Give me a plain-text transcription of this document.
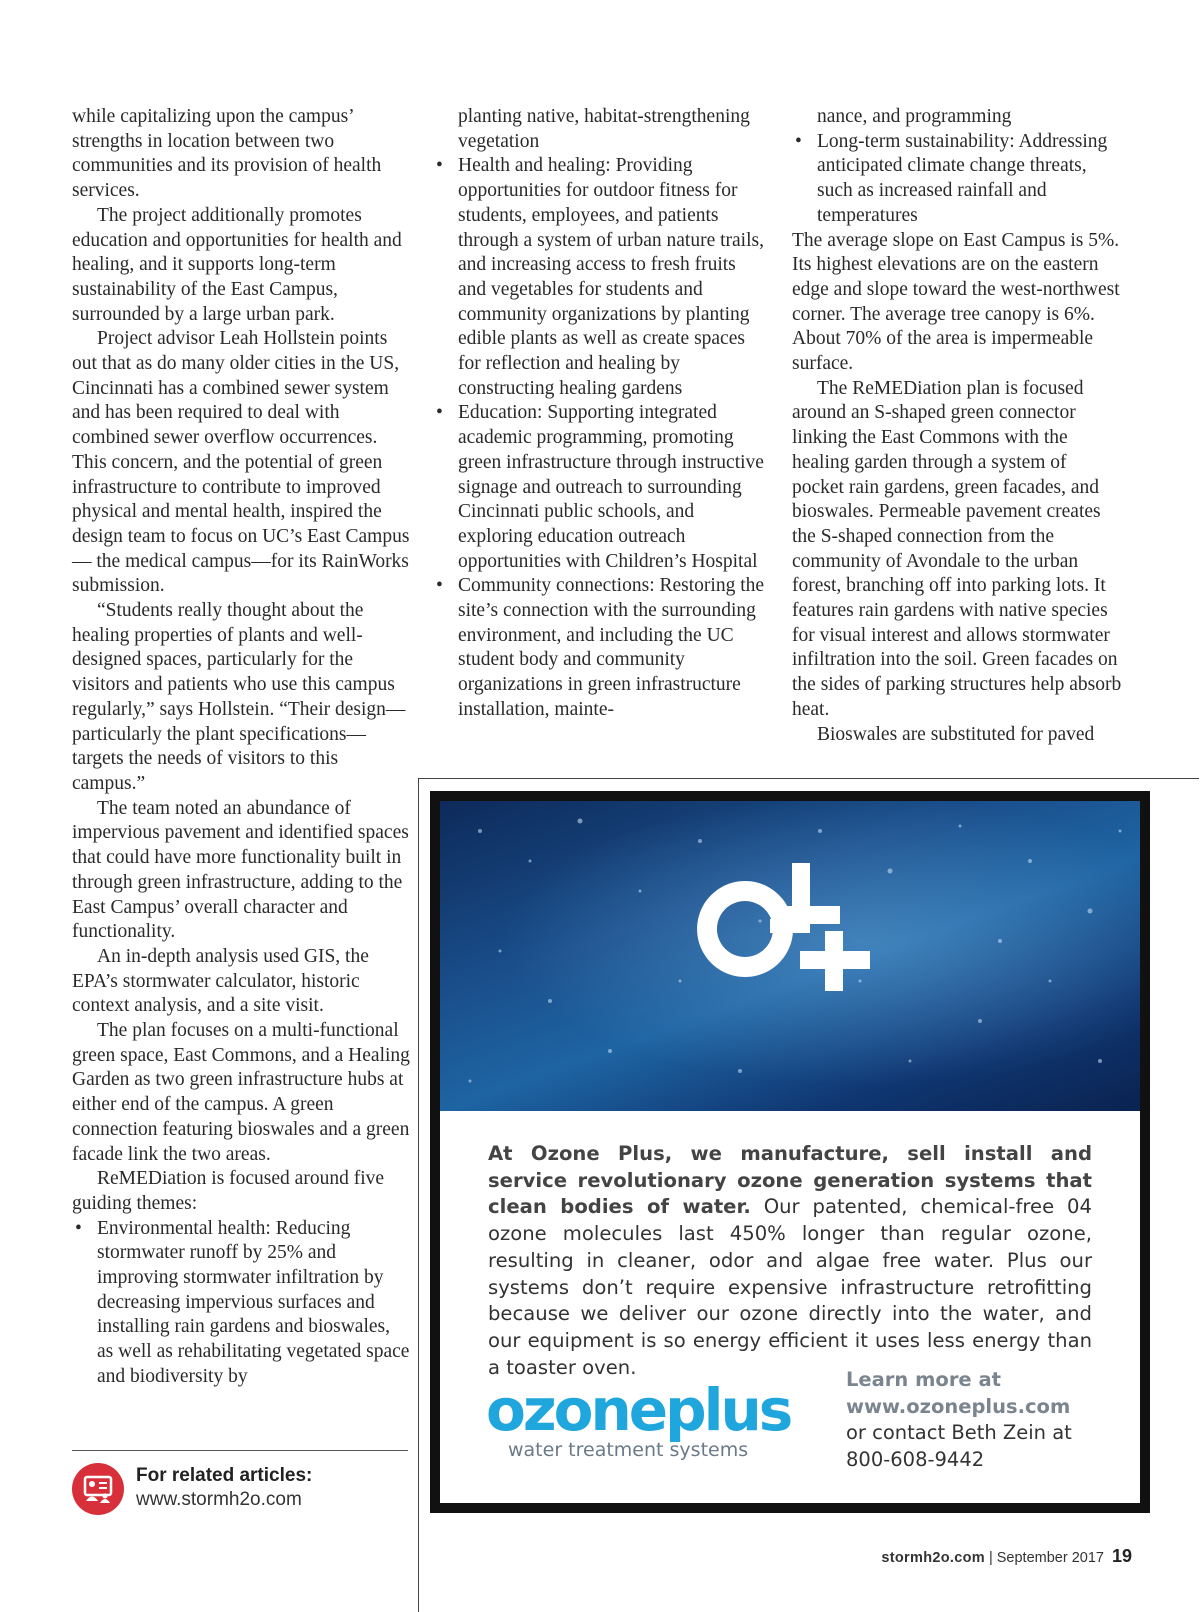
while capitalizing upon the campus’ strengths in location between two communities and its provision of health services.

The project additionally promotes education and opportunities for health and healing, and it supports long-term sustainability of the East Campus, surrounded by a large urban park.

Project advisor Leah Hollstein points out that as do many older cities in the US, Cincinnati has a combined sewer system and has been required to deal with combined sewer overflow occurrences. This concern, and the potential of green infrastructure to contribute to improved physical and mental health, inspired the design team to focus on UC’s East Campus— the medical campus—for its RainWorks submission.

“Students really thought about the healing properties of plants and well-designed spaces, particularly for the visitors and patients who use this campus regularly,” says Hollstein. “Their design—particularly the plant specifications—targets the needs of visitors to this campus.”

The team noted an abundance of impervious pavement and identified spaces that could have more functionality built in through green infrastructure, adding to the East Campus’ overall character and functionality.

An in-depth analysis used GIS, the EPA’s stormwater calculator, historic context analysis, and a site visit.

The plan focuses on a multi-functional green space, East Commons, and a Healing Garden as two green infrastructure hubs at either end of the campus. A green connection featuring bioswales and a green facade link the two areas.

ReMEDiation is focused around five guiding themes:

• Environmental health: Reducing stormwater runoff by 25% and improving stormwater infiltration by decreasing impervious surfaces and installing rain gardens and bioswales, as well as rehabilitating vegetated space and biodiversity by

planting native, habitat-strengthening vegetation

• Health and healing: Providing opportunities for outdoor fitness for students, employees, and patients through a system of urban nature trails, and increasing access to fresh fruits and vegetables for students and community organizations by planting edible plants as well as create spaces for reflection and healing by constructing healing gardens
• Education: Supporting integrated academic programming, promoting green infrastructure through instructive signage and outreach to surrounding Cincinnati public schools, and exploring education outreach opportunities with Children’s Hospital
• Community connections: Restoring the site’s connection with the surrounding environment, and including the UC student body and community organizations in green infrastructure installation, mainte-

nance, and programming

• Long-term sustainability: Addressing anticipated climate change threats, such as increased rainfall and temperatures

The average slope on East Campus is 5%. Its highest elevations are on the eastern edge and slope toward the west-northwest corner. The average tree canopy is 6%. About 70% of the area is impermeable surface.

The ReMEDiation plan is focused around an S-shaped green connector linking the East Commons with the healing garden through a system of pocket rain gardens, green facades, and bioswales. Permeable pavement creates the S-shaped connection from the community of Avondale to the urban forest, branching off into parking lots. It features rain gardens with native species for visual interest and allows stormwater infiltration into the soil. Green facades on the sides of parking structures help absorb heat.

Bioswales are substituted for paved

For related articles:
www.stormh2o.com
At Ozone Plus, we manufacture, sell install and service revolutionary ozone generation systems that clean bodies of water. Our patented, chemical-free 04 ozone molecules last 450% longer than regular ozone, resulting in cleaner, odor and algae free water. Plus our systems don’t require expensive infrastructure retrofitting because we deliver our ozone directly into the water, and our equipment is so energy efficient it uses less energy than a toaster oven.
ozoneplus
water treatment systems
Learn more at
www.ozoneplus.com
or contact Beth Zein at
800-608-9442
stormh2o.com | September 2017 19
